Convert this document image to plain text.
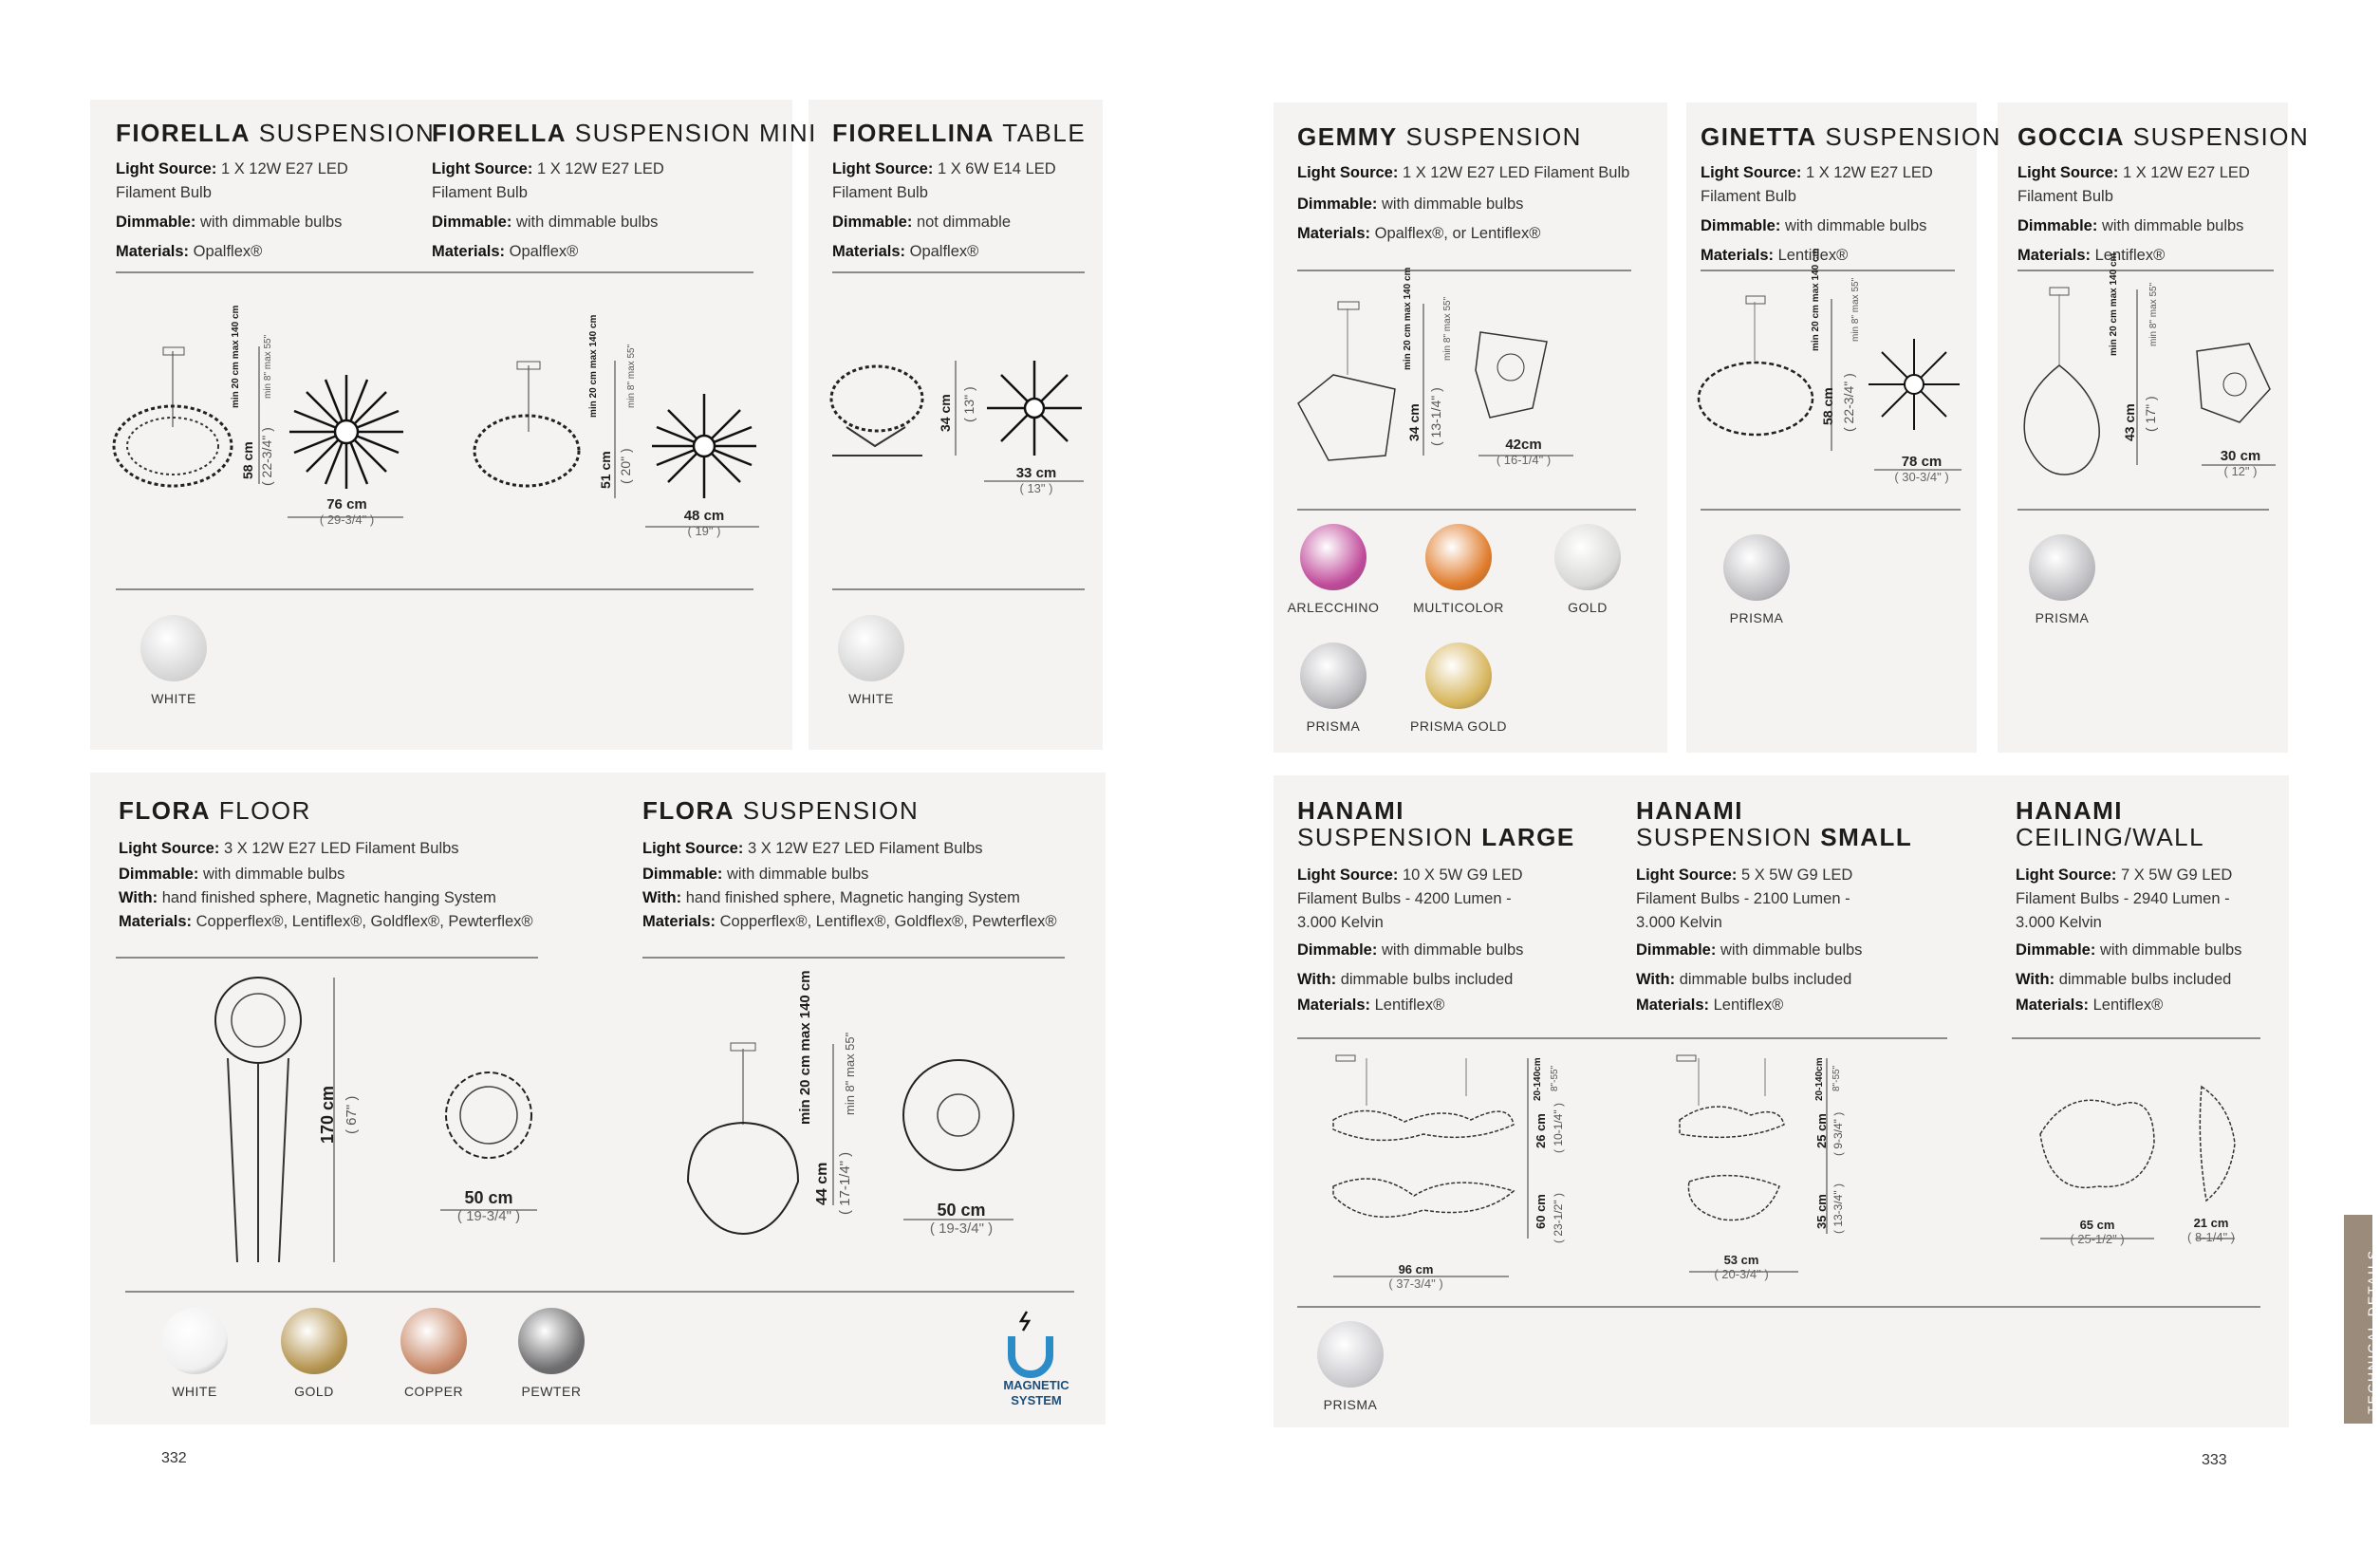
FIORELLA SUSPENSION
Light Source: 1 X 12W E27 LED Filament Bulb
Dimmable: with dimmable bulbs
Materials: Opalflex®
FIORELLA SUSPENSION MINI
Light Source: 1 X 12W E27 LED Filament Bulb
Dimmable: with dimmable bulbs
Materials: Opalflex®
min 20 cm max 140 cm min 8" max 55"
58 cm ( 22-3/4" )
76 cm
( 29-3/4" )
min 20 cm max 140 cm	min 8" max 55"
51 cm ( 20" )
48 cm
( 19" )
WHITE
FIORELLINA TABLE
Light Source: 1 X 6W E14 LED Filament Bulb
Dimmable: not dimmable
Materials: Opalflex®
34 cm ( 13" )
33 cm
( 13" )
WHITE
FLORA FLOOR
Light Source: 3 X 12W E27 LED Filament Bulbs
Dimmable: with dimmable bulbs
With: hand finished sphere, Magnetic hanging System
Materials: Copperflex®, Lentiflex®, Goldflex®, Pewterflex®
170 cm ( 67" )
50 cm
( 19-3/4" )
FLORA SUSPENSION
Light Source: 3 X 12W E27 LED Filament Bulbs
Dimmable: with dimmable bulbs
With: hand finished sphere, Magnetic hanging System
Materials: Copperflex®, Lentiflex®, Goldflex®, Pewterflex®
min 20 cm max 140 cm min 8" max 55"
44 cm ( 17-1/4" )	50 cm
( 19-3/4" )
WHITE	GOLD	COPPER	PEWTER	MAGNETIC SYSTEM
332
GEMMY SUSPENSION
Light Source: 1 X 12W E27 LED Filament Bulb
Dimmable: with dimmable bulbs
Materials: Opalflex®, or Lentiflex®
min 20 cm max 140 cm	min 8" max 55"
34 cm ( 13-1/4" )	42cm
( 16-1/4" )
ARLECCHINO	MULTICOLOR	GOLD
PRISMA	PRISMA GOLD
GINETTA SUSPENSION
Light Source: 1 X 12W E27 LED Filament Bulb
Dimmable: with dimmable bulbs
Materials: Lentiflex®
min 20 cm max 140 cm	min 8" max 55"
58 cm ( 22-3/4" )
78 cm
( 30-3/4" )
PRISMA
GOCCIA SUSPENSION
Light Source: 1 X 12W E27 LED Filament Bulb
Dimmable: with dimmable bulbs
Materials: Lentiflex®
min 20 cm max 140 cm	min 8" max 55"
43 cm ( 17" )
30 cm
( 12" )
PRISMA
HANAMI
SUSPENSION LARGE
Light Source: 10 X 5W G9 LED Filament Bulbs - 4200 Lumen - 3.000 Kelvin
Dimmable: with dimmable bulbs
With: dimmable bulbs included
Materials: Lentiflex®
HANAMI
SUSPENSION SMALL
Light Source: 5 X 5W G9 LED Filament Bulbs - 2100 Lumen - 3.000 Kelvin
Dimmable: with dimmable bulbs
With: dimmable bulbs included
Materials: Lentiflex®
HANAMI
CEILING/WALL
Light Source: 7 X 5W G9 LED Filament Bulbs - 2940 Lumen - 3.000 Kelvin
Dimmable: with dimmable bulbs
With: dimmable bulbs included
Materials: Lentiflex®
20-140cm 8"-55"
26 cm ( 10-1/4" )
60 cm ( 23-1/2" )
96 cm
( 37-3/4" )
20-140cm 8"-55"
25 cm ( 9-3/4" )
35 cm ( 13-3/4" )
53 cm
( 20-3/4" )
65 cm
( 25-1/2" )
21 cm
( 8-1/4" )
PRISMA
333
TECHNICAL DETAILS
